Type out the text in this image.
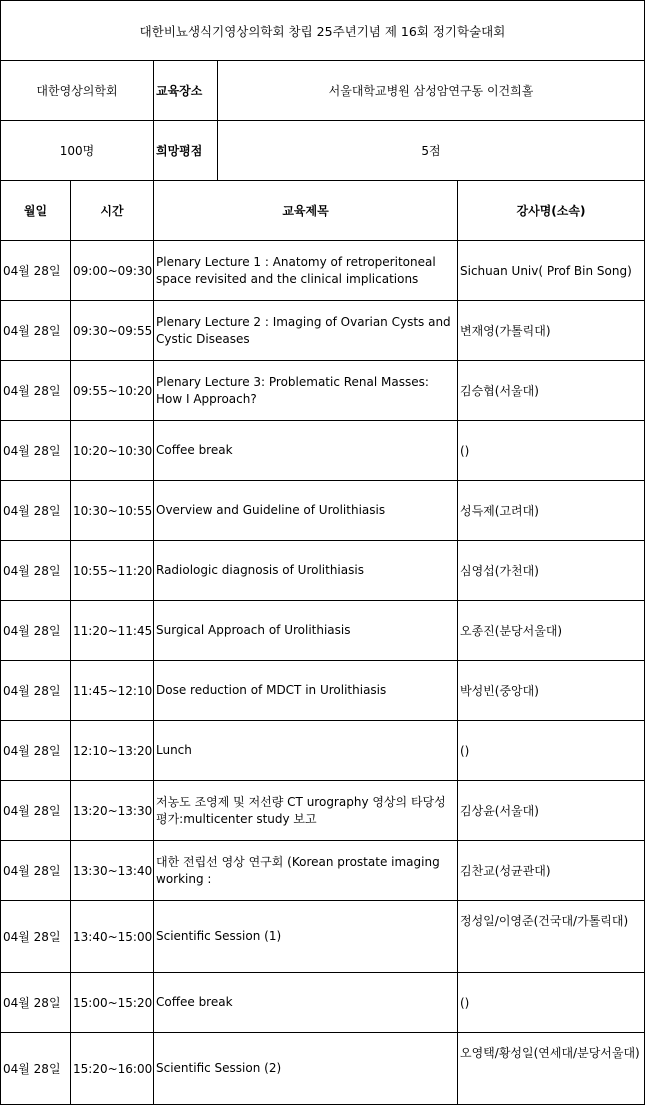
대한비뇨생식기영상의학회 창립 25주년기념 제 16회 정기학술대회				
대한영상의학회		교육장소	서울대학교병원 삼성암연구동 이건희홀	
100명		희망평점	5점	
월일	시간	교육제목		강사명(소속)
04월 28일	09:00~09:30	Plenary Lecture 1 : Anatomy of retroperitoneal space revisited and the clinical implications		Sichuan Univ( Prof Bin Song)
04월 28일	09:30~09:55	Plenary Lecture 2 : Imaging of Ovarian Cysts and Cystic Diseases		변재영(가톨릭대)
04월 28일	09:55~10:20	Plenary Lecture 3: Problematic Renal Masses: How I Approach?		김승협(서울대)
04월 28일	10:20~10:30	Coffee break		()
04월 28일	10:30~10:55	Overview and Guideline of Urolithiasis		성득제(고려대)
04월 28일	10:55~11:20	Radiologic diagnosis of Urolithiasis		심영섭(가천대)
04월 28일	11:20~11:45	Surgical Approach of Urolithiasis		오종진(분당서울대)
04월 28일	11:45~12:10	Dose reduction of MDCT in Urolithiasis		박성빈(중앙대)
04월 28일	12:10~13:20	Lunch		()
04월 28일	13:20~13:30	저농도 조영제 및 저선량 CT urography 영상의 타당성 평가:multicenter study 보고		김상윤(서울대)
04월 28일	13:30~13:40	대한 전립선 영상 연구회 (Korean prostate imaging working :		김찬교(성균관대)
04월 28일	13:40~15:00	Scientific Session (1)		정성일/이영준(건국대/가톨릭대)
04월 28일	15:00~15:20	Coffee break		()
04월 28일	15:20~16:00	Scientific Session (2)		오영택/황성일(연세대/분당서울대)
